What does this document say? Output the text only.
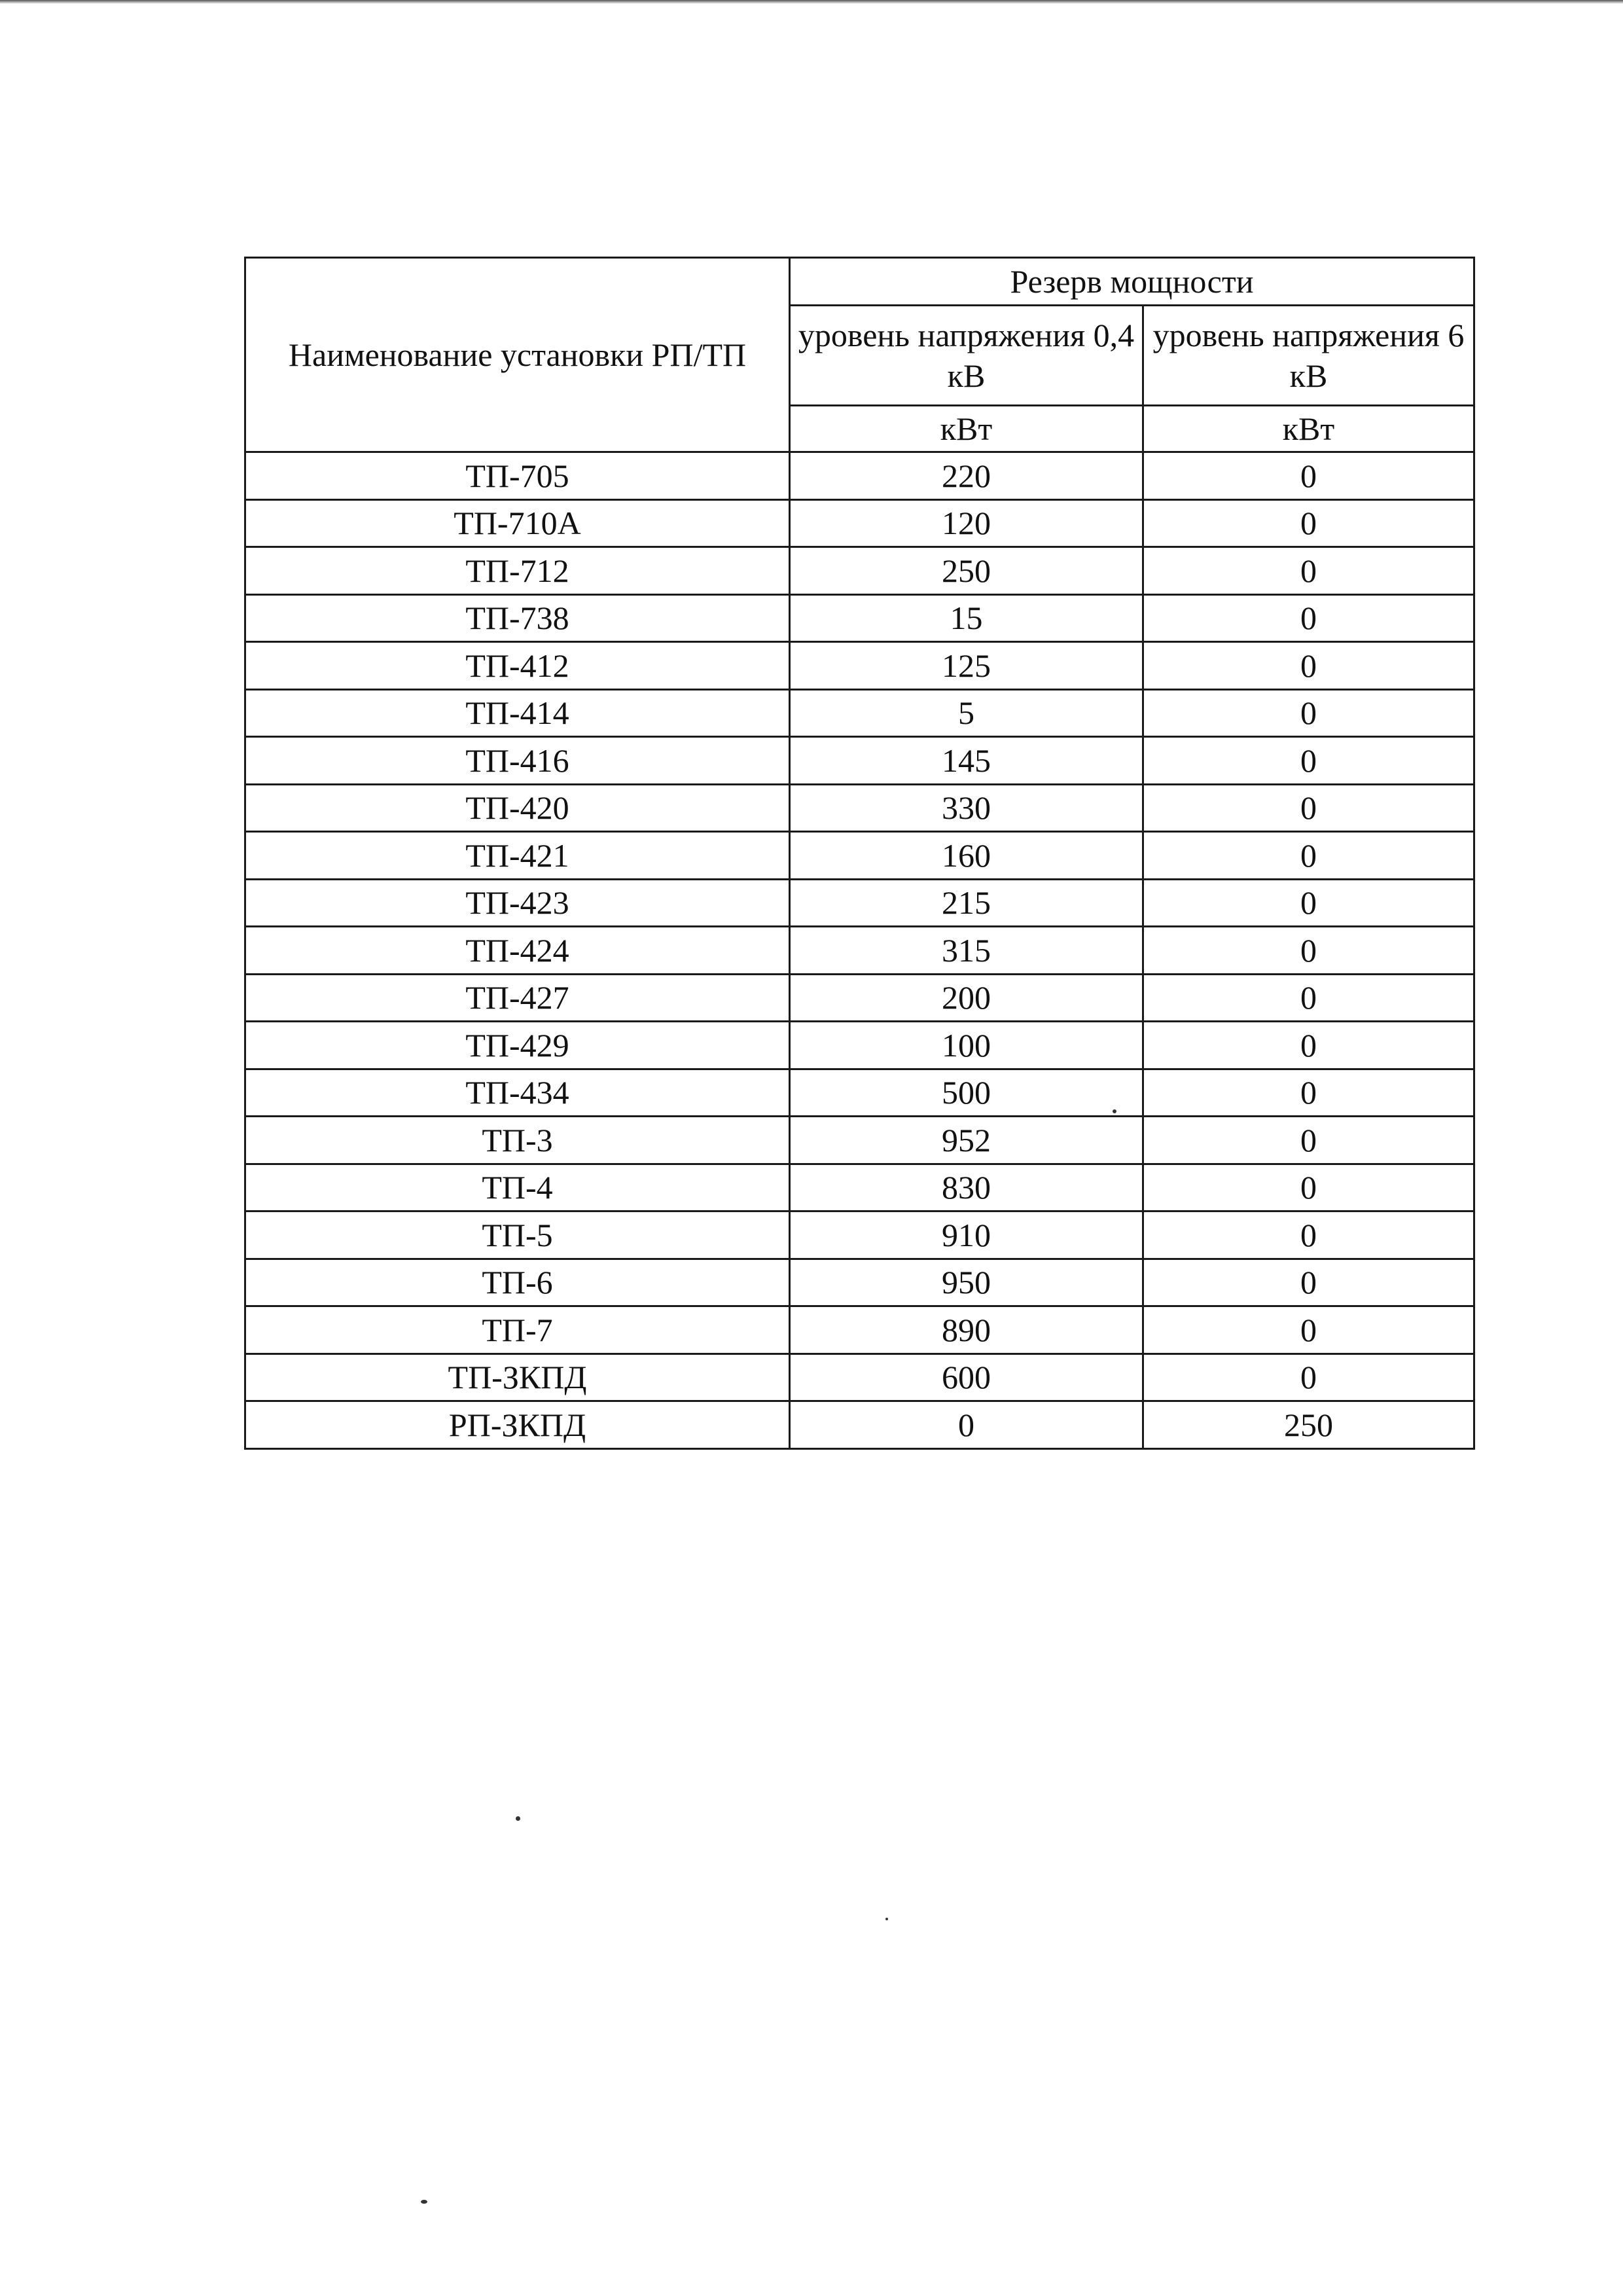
Наименование установки РП/ТП	Резерв мощности	
	уровень напряжения 0,4 кВ	уровень напряжения 6 кВ
	кВт	кВт
ТП-705	220	0
ТП-710А	120	0
ТП-712	250	0
ТП-738	15	0
ТП-412	125	0
ТП-414	5	0
ТП-416	145	0
ТП-420	330	0
ТП-421	160	0
ТП-423	215	0
ТП-424	315	0
ТП-427	200	0
ТП-429	100	0
ТП-434	500	0
ТП-3	952	0
ТП-4	830	0
ТП-5	910	0
ТП-6	950	0
ТП-7	890	0
ТП-ЗКПД	600	0
РП-ЗКПД	0	250
